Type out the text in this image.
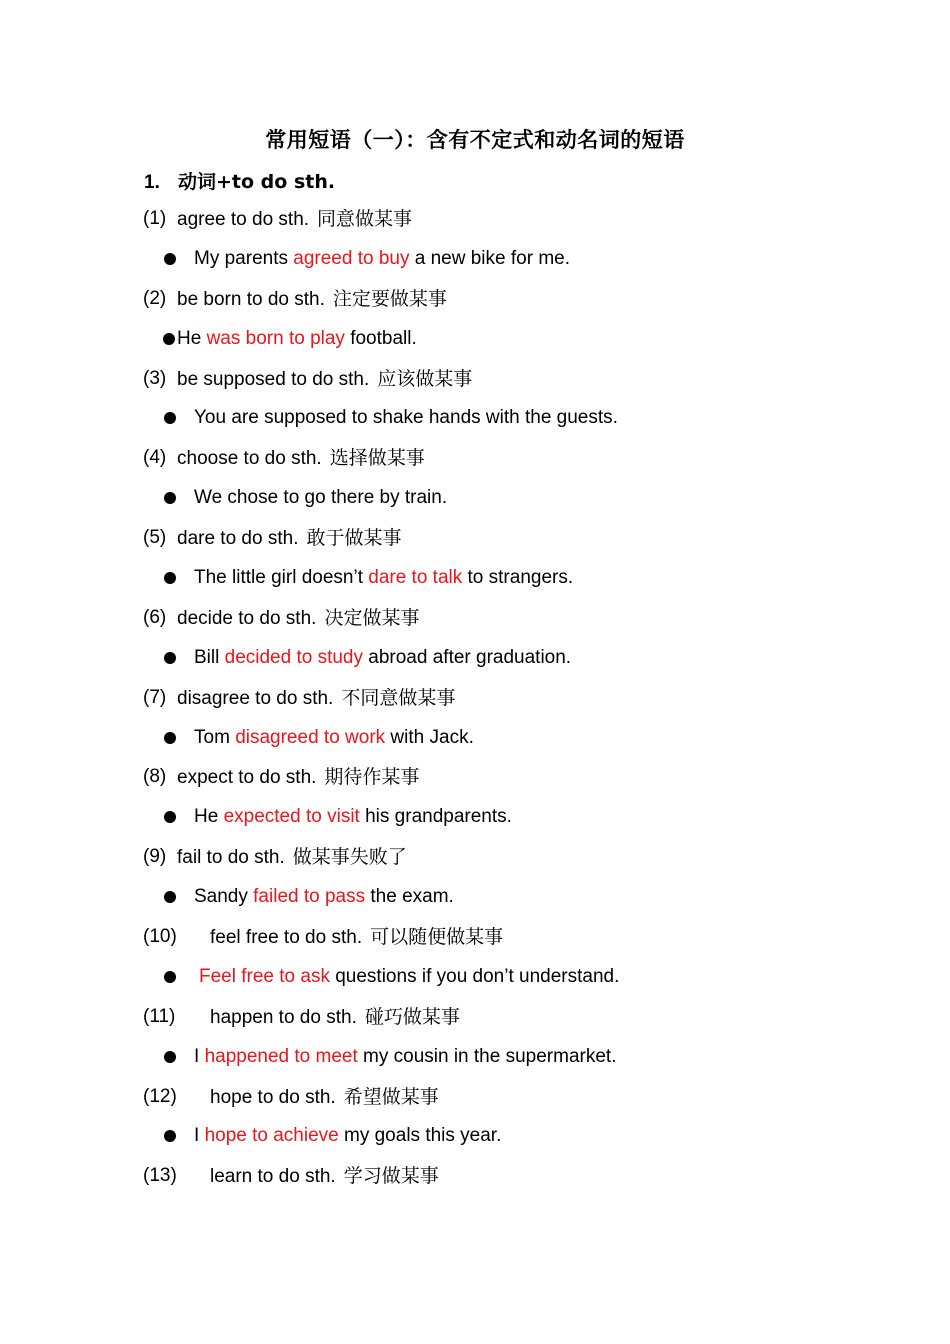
常用短语（一）：含有不定式和动名词的短语
1. 动词+to do sth.
(1) agree to do sth. 同意做某事
My parents agreed to buy a new bike for me.
(2) be born to do sth. 注定要做某事
He was born to play football.
(3) be supposed to do sth. 应该做某事
You are supposed to shake hands with the guests.
(4) choose to do sth. 选择做某事
We chose to go there by train.
(5) dare to do sth. 敢于做某事
The little girl doesn’t dare to talk to strangers.
(6) decide to do sth. 决定做某事
Bill decided to study abroad after graduation.
(7) disagree to do sth. 不同意做某事
Tom disagreed to work with Jack.
(8) expect to do sth. 期待作某事
He expected to visit his grandparents.
(9) fail to do sth. 做某事失败了
Sandy failed to pass the exam.
(10) feel free to do sth. 可以随便做某事
Feel free to ask questions if you don’t understand.
(11) happen to do sth. 碰巧做某事
I happened to meet my cousin in the supermarket.
(12) hope to do sth. 希望做某事
I hope to achieve my goals this year.
(13) learn to do sth. 学习做某事
